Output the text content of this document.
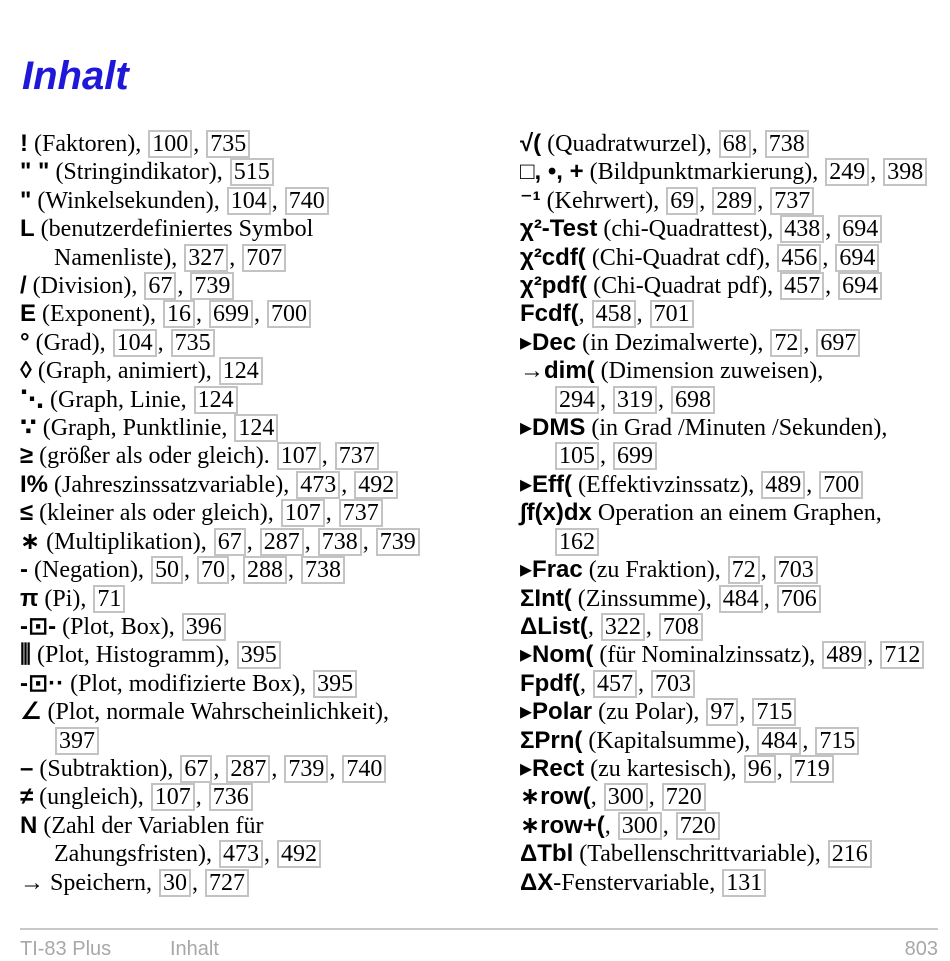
Inhalt
! (Faktoren), 100 , 735
" " (Stringindikator), 515
" (Winkelsekunden), 104 , 740
L (benutzerdefiniertes Symbol
Namenliste), 327 , 707
/ (Division), 67 , 739
E (Exponent), 16 , 699 , 700
° (Grad), 104 , 735
◊ (Graph, animiert), 124
⋱ (Graph, Linie, 124
∵ (Graph, Punktlinie, 124
≥ (größer als oder gleich). 107 , 737
I% (Jahreszinssatzvariable), 473 , 492
≤ (kleiner als oder gleich), 107 , 737
∗ (Multiplikation), 67 , 287 , 738 , 739
- (Negation), 50 , 70 , 288 , 738
π (Pi), 71
-⊡- (Plot, Box), 396
⫼ (Plot, Histogramm), 395
-⊡·· (Plot, modifizierte Box), 395
∠ (Plot, normale Wahrscheinlichkeit),
397
– (Subtraktion), 67 , 287 , 739 , 740
≠ (ungleich), 107 , 736
N (Zahl der Variablen für
Zahungsfristen), 473 , 492
→ Speichern, 30 , 727
√( (Quadratwurzel), 68 , 738
□, •, + (Bildpunktmarkierung), 249 , 398
⁻¹ (Kehrwert), 69 , 289 , 737
χ²-Test (chi-Quadrattest), 438 , 694
χ²cdf( (Chi-Quadrat cdf), 456 , 694
χ²pdf( (Chi-Quadrat pdf), 457 , 694
Fcdf(, 458 , 701
▸Dec (in Dezimalwerte), 72 , 697
→dim( (Dimension zuweisen),
294 , 319 , 698
▸DMS (in Grad /Minuten /Sekunden),
105 , 699
▸Eff( (Effektivzinssatz), 489 , 700
∫f(x)dx Operation an einem Graphen,
162
▸Frac (zu Fraktion), 72 , 703
ΣInt( (Zinssumme), 484 , 706
ΔList(, 322 , 708
▸Nom( (für Nominalzinssatz), 489 , 712
Fpdf(, 457 , 703
▸Polar (zu Polar), 97 , 715
ΣPrn( (Kapitalsumme), 484 , 715
▸Rect (zu kartesisch), 96 , 719
∗row(, 300 , 720
∗row+(, 300 , 720
ΔTbl (Tabellenschrittvariable), 216
ΔX-Fenstervariable, 131
TI-83 Plus	Inhalt	803
